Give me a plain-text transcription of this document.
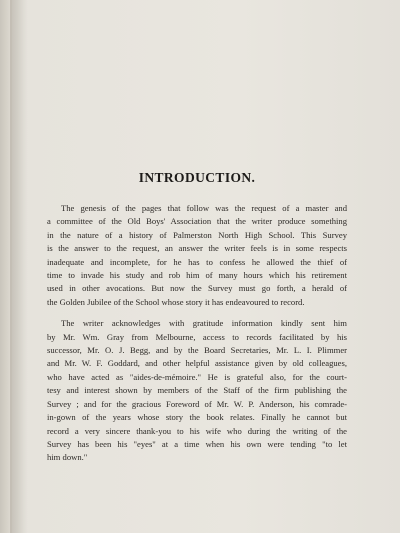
INTRODUCTION.
The genesis of the pages that follow was the request of a master and
a committee of the Old Boys' Association that the writer produce something
in the nature of a history of Palmerston North High School. This Survey
is the answer to the request, an answer the writer feels is in some respects
inadequate and incomplete, for he has to confess he allowed the thief of
time to invade his study and rob him of many hours which his retirement
used in other avocations. But now the Survey must go forth, a herald of
the Golden Jubilee of the School whose story it has endeavoured to record.
The writer acknowledges with gratitude information kindly sent him
by Mr. Wm. Gray from Melbourne, access to records facilitated by his
successor, Mr. O. J. Begg, and by the Board Secretaries, Mr. L. I. Plimmer
and Mr. W. F. Goddard, and other helpful assistance given by old colleagues,
who have acted as "aides-de-mémoire." He is grateful also, for the court-
tesy and interest shown by members of the Staff of the firm publishing the
Survey ; and for the gracious Foreword of Mr. W. P. Anderson, his comrade-
in-gown of the years whose story the book relates. Finally he cannot but
record a very sincere thank-you to his wife who during the writing of the
Survey has been his "eyes" at a time when his own were tending "to let
him down."
